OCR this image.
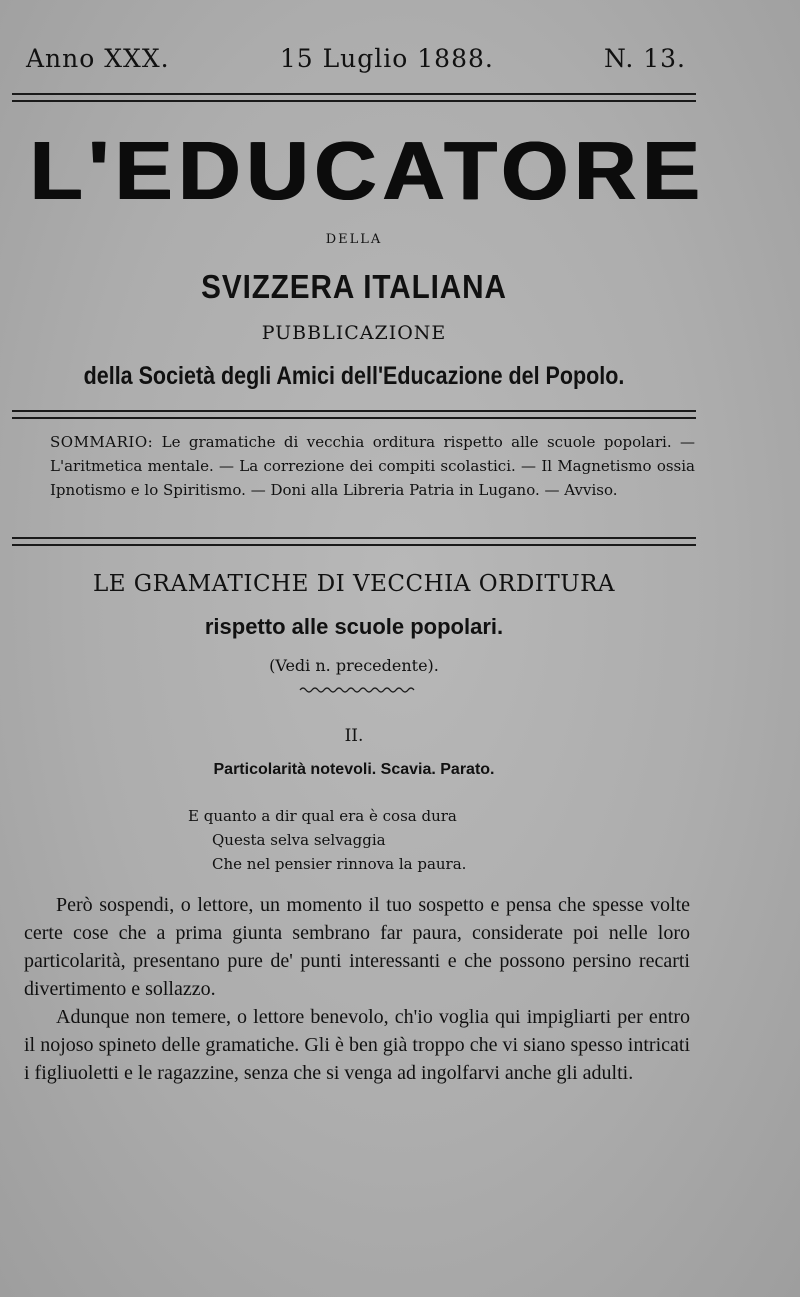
Anno XXX.	15 Luglio 1888.	N. 13.
L'EDUCATORE
DELLA
SVIZZERA ITALIANA
PUBBLICAZIONE
della Società degli Amici dell'Educazione del Popolo.
SOMMARIO: Le gramatiche di vecchia orditura rispetto alle scuole popolari. — L'aritmetica mentale. — La correzione dei compiti scolastici. — Il Magnetismo ossia Ipnotismo e lo Spiritismo. — Doni alla Libreria Patria in Lugano. — Avviso.
LE GRAMATICHE DI VECCHIA ORDITURA
rispetto alle scuole popolari.
(Vedi n. precedente).
II.
Particolarità notevoli. Scavia. Parato.
E quanto a dir qual era è cosa dura
Questa selva selvaggia
Che nel pensier rinnova la paura.

Però sospendi, o lettore, un momento il tuo sospetto e pensa che spesse volte certe cose che a prima giunta sembrano far paura, considerate poi nelle loro particolarità, presentano pure de' punti interessanti e che possono persino recarti divertimento e sollazzo.

Adunque non temere, o lettore benevolo, ch'io voglia qui impigliarti per entro il nojoso spineto delle gramatiche. Gli è ben già troppo che vi siano spesso intricati i figliuoletti e le ragazzine, senza che si venga ad ingolfarvi anche gli adulti.
